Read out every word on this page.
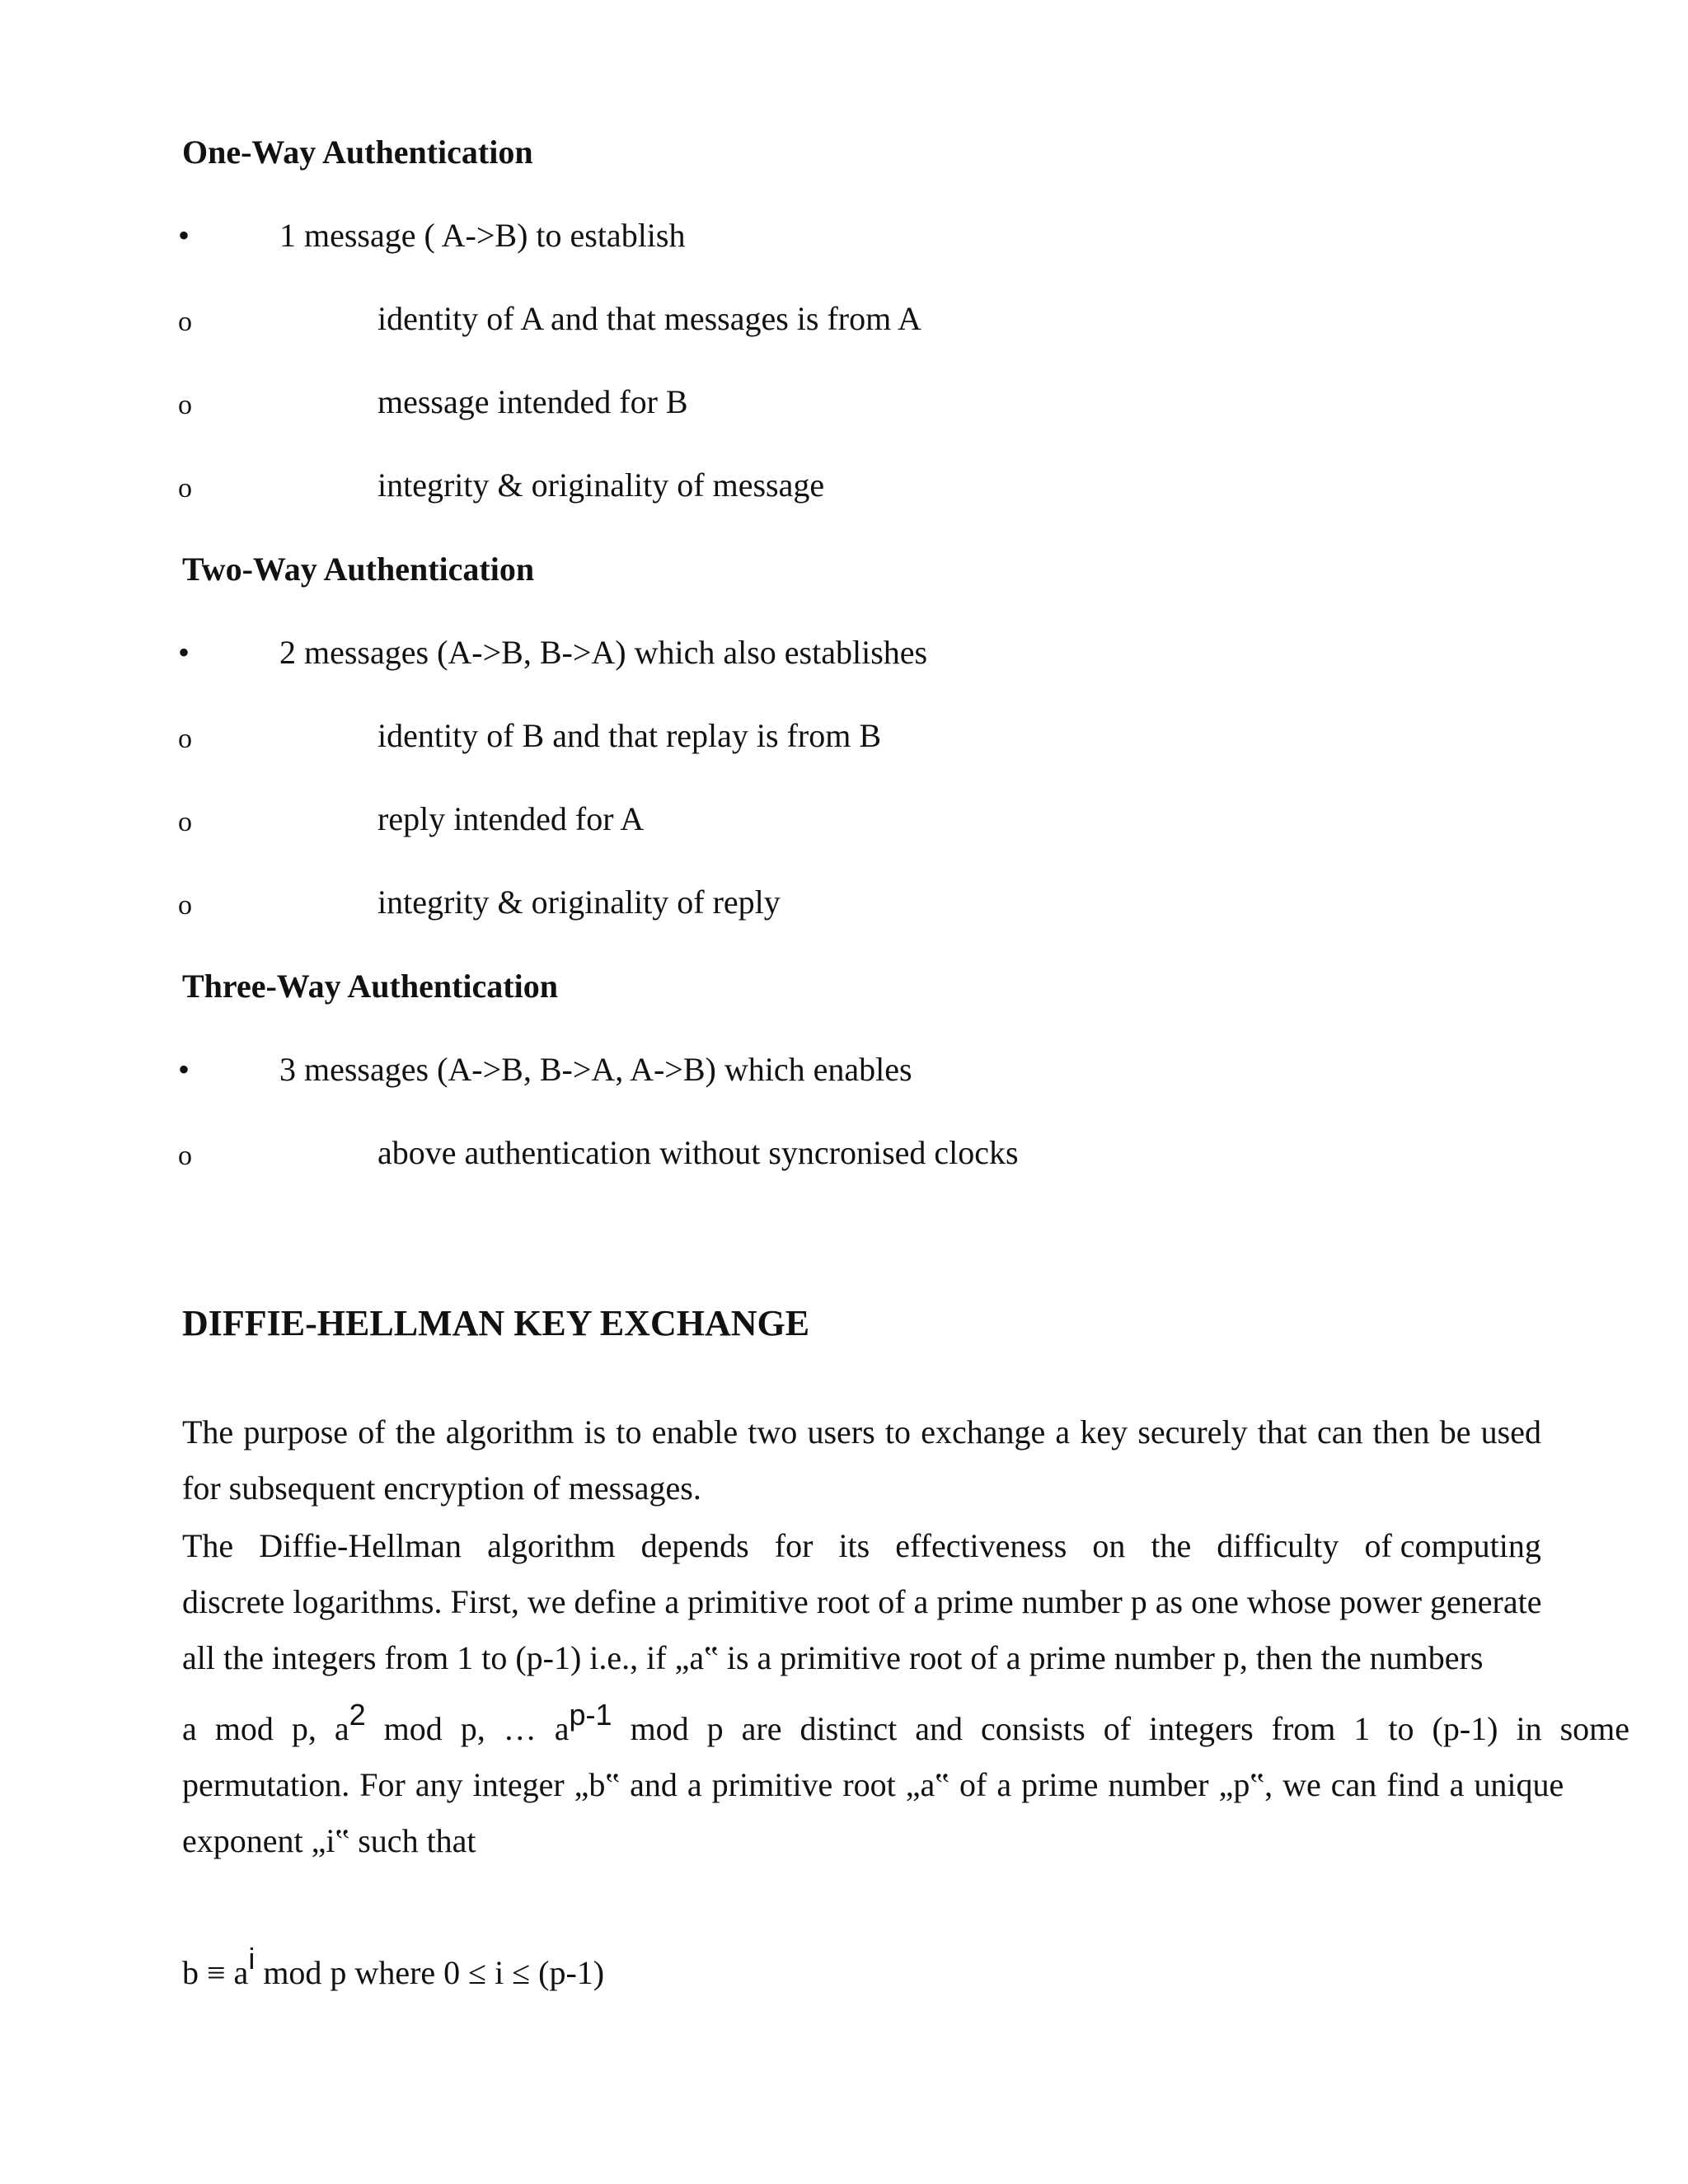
One-Way Authentication
•	1 message ( A->B) to establish
o	identity of A and that messages is from A
o	message intended for B
o	integrity & originality of message
Two-Way Authentication
•	2 messages (A->B, B->A) which also establishes
o	identity of B and that replay is from B
o	reply intended for A
o	integrity & originality of reply
Three-Way Authentication
•	3 messages (A->B, B->A, A->B) which enables
o	above authentication without syncronised clocks
DIFFIE-HELLMAN KEY EXCHANGE

The purpose of the algorithm is to enable two users to exchange a key securely that can then be used for subsequent encryption of messages.

The Diffie-Hellman algorithm depends for its effectiveness on the difficulty of computing
discrete logarithms. First, we define a primitive root of a prime number p as one whose power generate
all the integers from 1 to (p-1) i.e., if „a‟ is a primitive root of a prime number p, then the numbers
a mod p, $a^2$ mod p, … $a^{p-1}$ mod p are distinct and consists of integers from 1 to (p-1) in some
permutation. For any integer „b‟ and a primitive root „a‟ of a prime number „p‟, we can find a unique
exponent „i‟ such that
$b \equiv a^i$ mod p where 0 ≤ i ≤ (p-1)
